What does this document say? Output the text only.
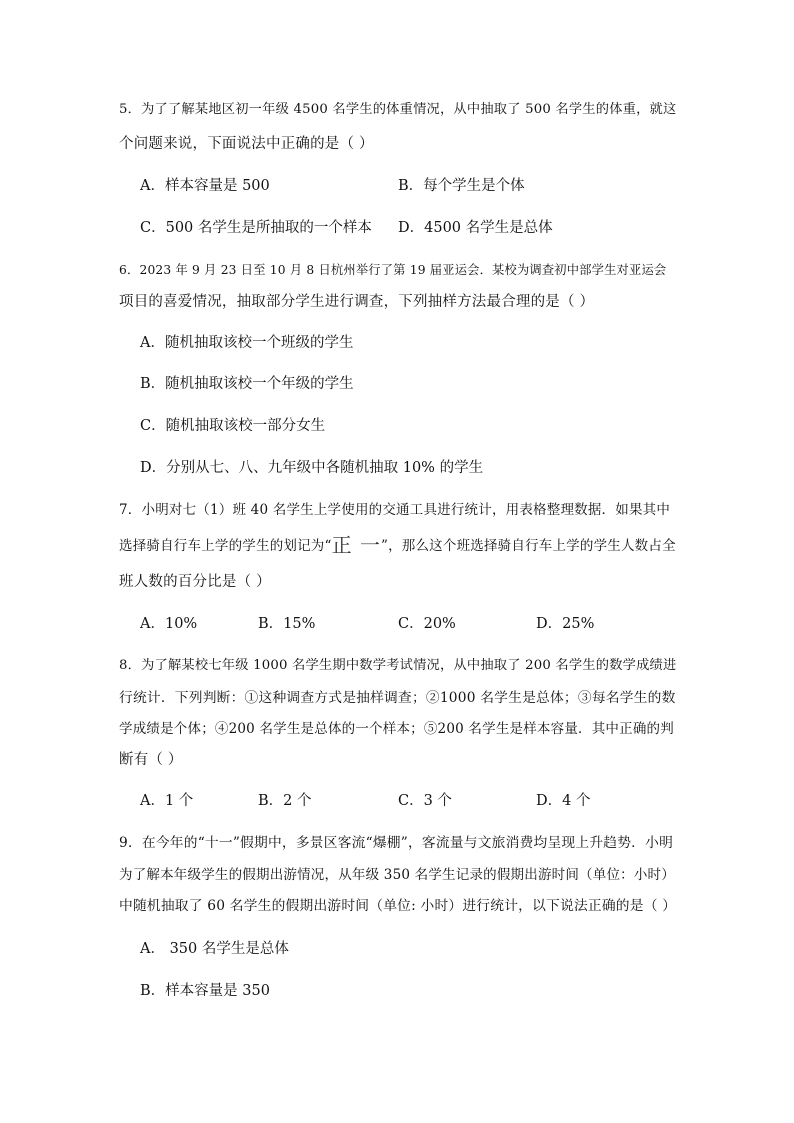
5．为了了解某地区初一年级 4500 名学生的体重情况，从中抽取了 500 名学生的体重，就这
个问题来说，下面说法中正确的是（ ）
A．样本容量是 500	B．每个学生是个体
C．500 名学生是所抽取的一个样本 D．4500 名学生是总体
6．2023 年 9 月 23 日至 10 月 8 日杭州举行了第 19 届亚运会．某校为调查初中部学生对亚运会
项目的喜爱情况，抽取部分学生进行调查，下列抽样方法最合理的是（ ）
A．随机抽取该校一个班级的学生
B．随机抽取该校一个年级的学生
C．随机抽取该校一部分女生
D．分别从七、八、九年级中各随机抽取 10% 的学生
7．小明对七（1）班 40 名学生上学使用的交通工具进行统计，用表格整理数据．如果其中
选择骑自行车上学的学生的划记为“正 一”，那么这个班选择骑自行车上学的学生人数占全
班人数的百分比是（ ）
A．10%	B．15%	C．20%	D．25%
8．为了解某校七年级 1000 名学生期中数学考试情况，从中抽取了 200 名学生的数学成绩进
行统计．下列判断：①这种调查方式是抽样调查；②1000 名学生是总体；③每名学生的数
学成绩是个体；④200 名学生是总体的一个样本；⑤200 名学生是样本容量．其中正确的判
断有（ ）
A．1 个	B．2 个	C．3 个	D．4 个
9．在今年的“十一”假期中，多景区客流“爆棚”，客流量与文旅消费均呈现上升趋势．小明
为了解本年级学生的假期出游情况，从年级 350 名学生记录的假期出游时间（单位：小时）
中随机抽取了 60 名学生的假期出游时间（单位: 小时）进行统计，以下说法正确的是（ ）
A． 350 名学生是总体
B．样本容量是 350
